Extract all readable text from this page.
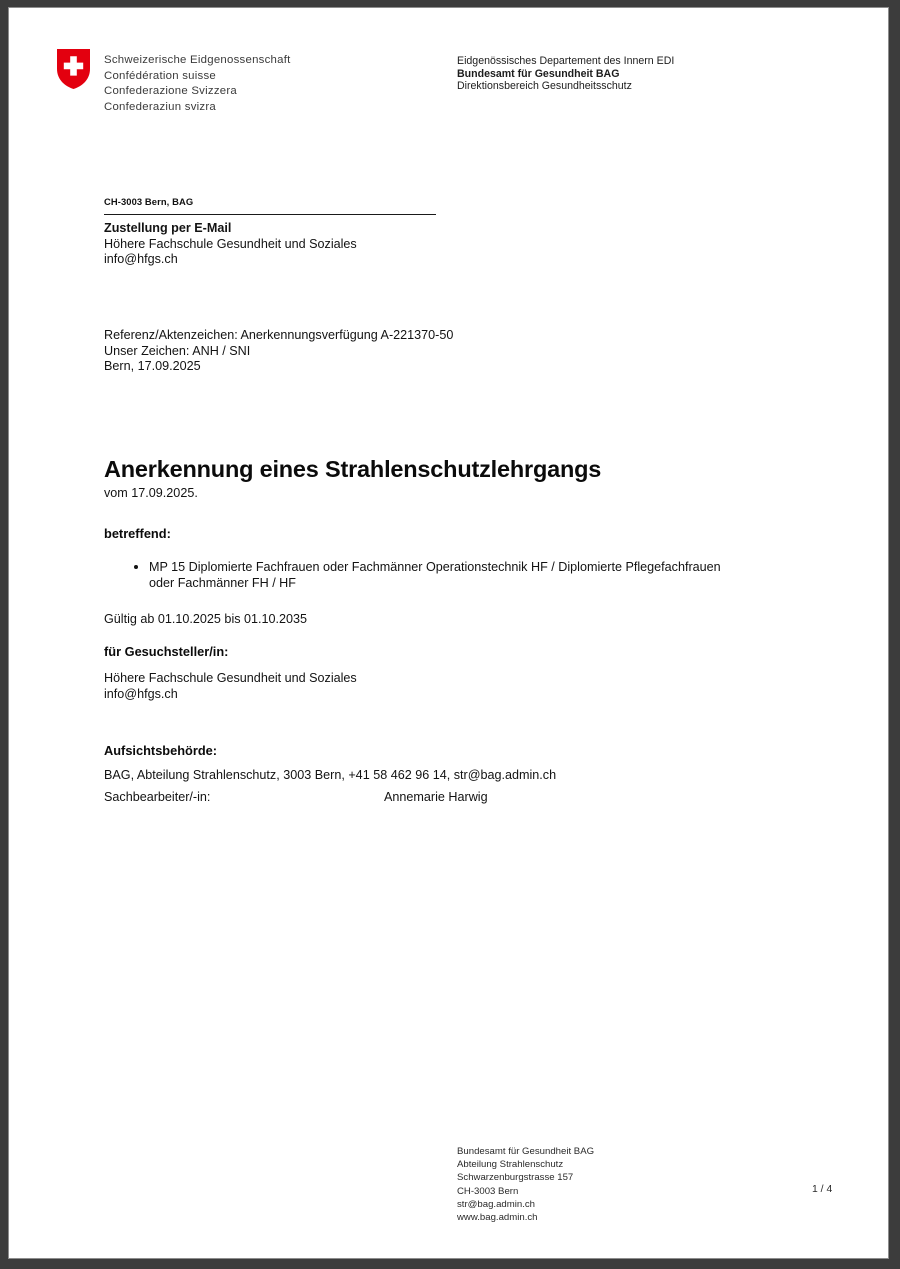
Schweizerische Eidgenossenschaft
Confédération suisse
Confederazione Svizzera
Confederaziun svizra
Eidgenössisches Departement des Innern EDI
Bundesamt für Gesundheit BAG
Direktionsbereich Gesundheitsschutz
CH-3003 Bern, BAG
Zustellung per E-Mail
Höhere Fachschule Gesundheit und Soziales
info@hfgs.ch
Referenz/Aktenzeichen: Anerkennungsverfügung A-221370-50
Unser Zeichen: ANH / SNI
Bern, 17.09.2025
Anerkennung eines Strahlenschutzlehrgangs
vom 17.09.2025.
betreffend:
MP 15 Diplomierte Fachfrauen oder Fachmänner Operationstechnik HF / Diplomierte Pflegefachfrauen oder Fachmänner FH / HF
Gültig ab 01.10.2025 bis 01.10.2035
für Gesuchsteller/in:
Höhere Fachschule Gesundheit und Soziales
info@hfgs.ch
Aufsichtsbehörde:
BAG, Abteilung Strahlenschutz, 3003 Bern, +41 58 462 96 14, str@bag.admin.ch
Sachbearbeiter/-in:	Annemarie Harwig
Bundesamt für Gesundheit BAG
Abteilung Strahlenschutz
Schwarzenburgstrasse 157
CH-3003 Bern
str@bag.admin.ch
www.bag.admin.ch
1 / 4
